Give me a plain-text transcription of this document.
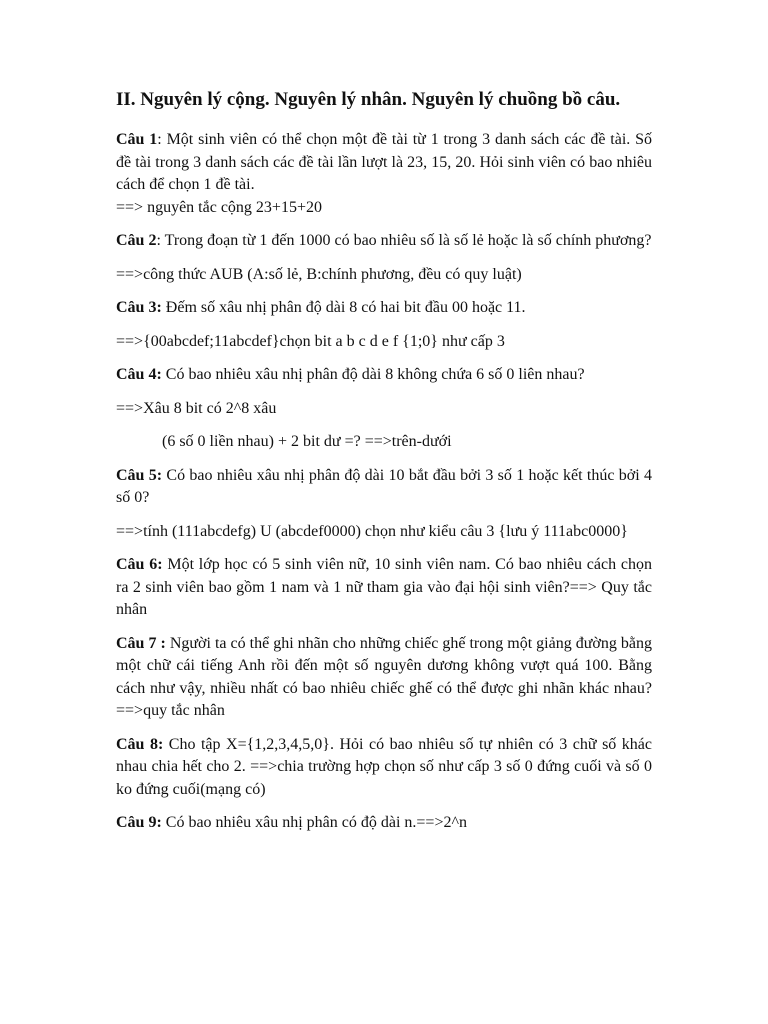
II. Nguyên lý cộng. Nguyên lý nhân. Nguyên lý chuồng bồ câu.
Câu 1: Một sinh viên có thể chọn một đề tài từ 1 trong 3 danh sách các đề tài. Số đề tài trong 3 danh sách các đề tài lần lượt là 23, 15, 20. Hỏi sinh viên có bao nhiêu cách để chọn 1 đề tài.
==> nguyên tắc cộng 23+15+20
Câu 2: Trong đoạn từ 1 đến 1000 có bao nhiêu số là số lẻ hoặc là số chính phương?
==>công thức AUB (A:số lẻ, B:chính phương, đều có quy luật)
Câu 3: Đếm số xâu nhị phân độ dài 8 có hai bit đầu 00 hoặc 11.
==>{00abcdef;11abcdef}chọn bit a b c d e f {1;0} như cấp 3
Câu 4: Có bao nhiêu xâu nhị phân độ dài 8 không chứa 6 số 0 liên nhau?
==>Xâu 8 bit có 2^8 xâu
(6 số 0 liền nhau) + 2 bit dư =? ==>trên-dưới
Câu 5: Có bao nhiêu xâu nhị phân độ dài 10 bắt đầu bởi 3 số 1 hoặc kết thúc bởi 4 số 0?
==>tính (111abcdefg) U (abcdef0000) chọn như kiểu câu 3 {lưu ý 111abc0000}
Câu 6: Một lớp học có 5 sinh viên nữ, 10 sinh viên nam. Có bao nhiêu cách chọn ra 2 sinh viên bao gồm 1 nam và 1 nữ tham gia vào đại hội sinh viên?==> Quy tắc nhân
Câu 7 : Người ta có thể ghi nhãn cho những chiếc ghế trong một giảng đường bằng một chữ cái tiếng Anh rồi đến một số nguyên dương không vượt quá 100. Bằng cách như vậy, nhiều nhất có bao nhiêu chiếc ghế có thể được ghi nhãn khác nhau?==>quy tắc nhân
Câu 8: Cho tập X={1,2,3,4,5,0}. Hỏi có bao nhiêu số tự nhiên có 3 chữ số khác nhau chia hết cho 2. ==>chia trường hợp chọn số như cấp 3 số 0 đứng cuối và số 0 ko đứng cuối(mạng có)
Câu 9: Có bao nhiêu xâu nhị phân có độ dài n.==>2^n
